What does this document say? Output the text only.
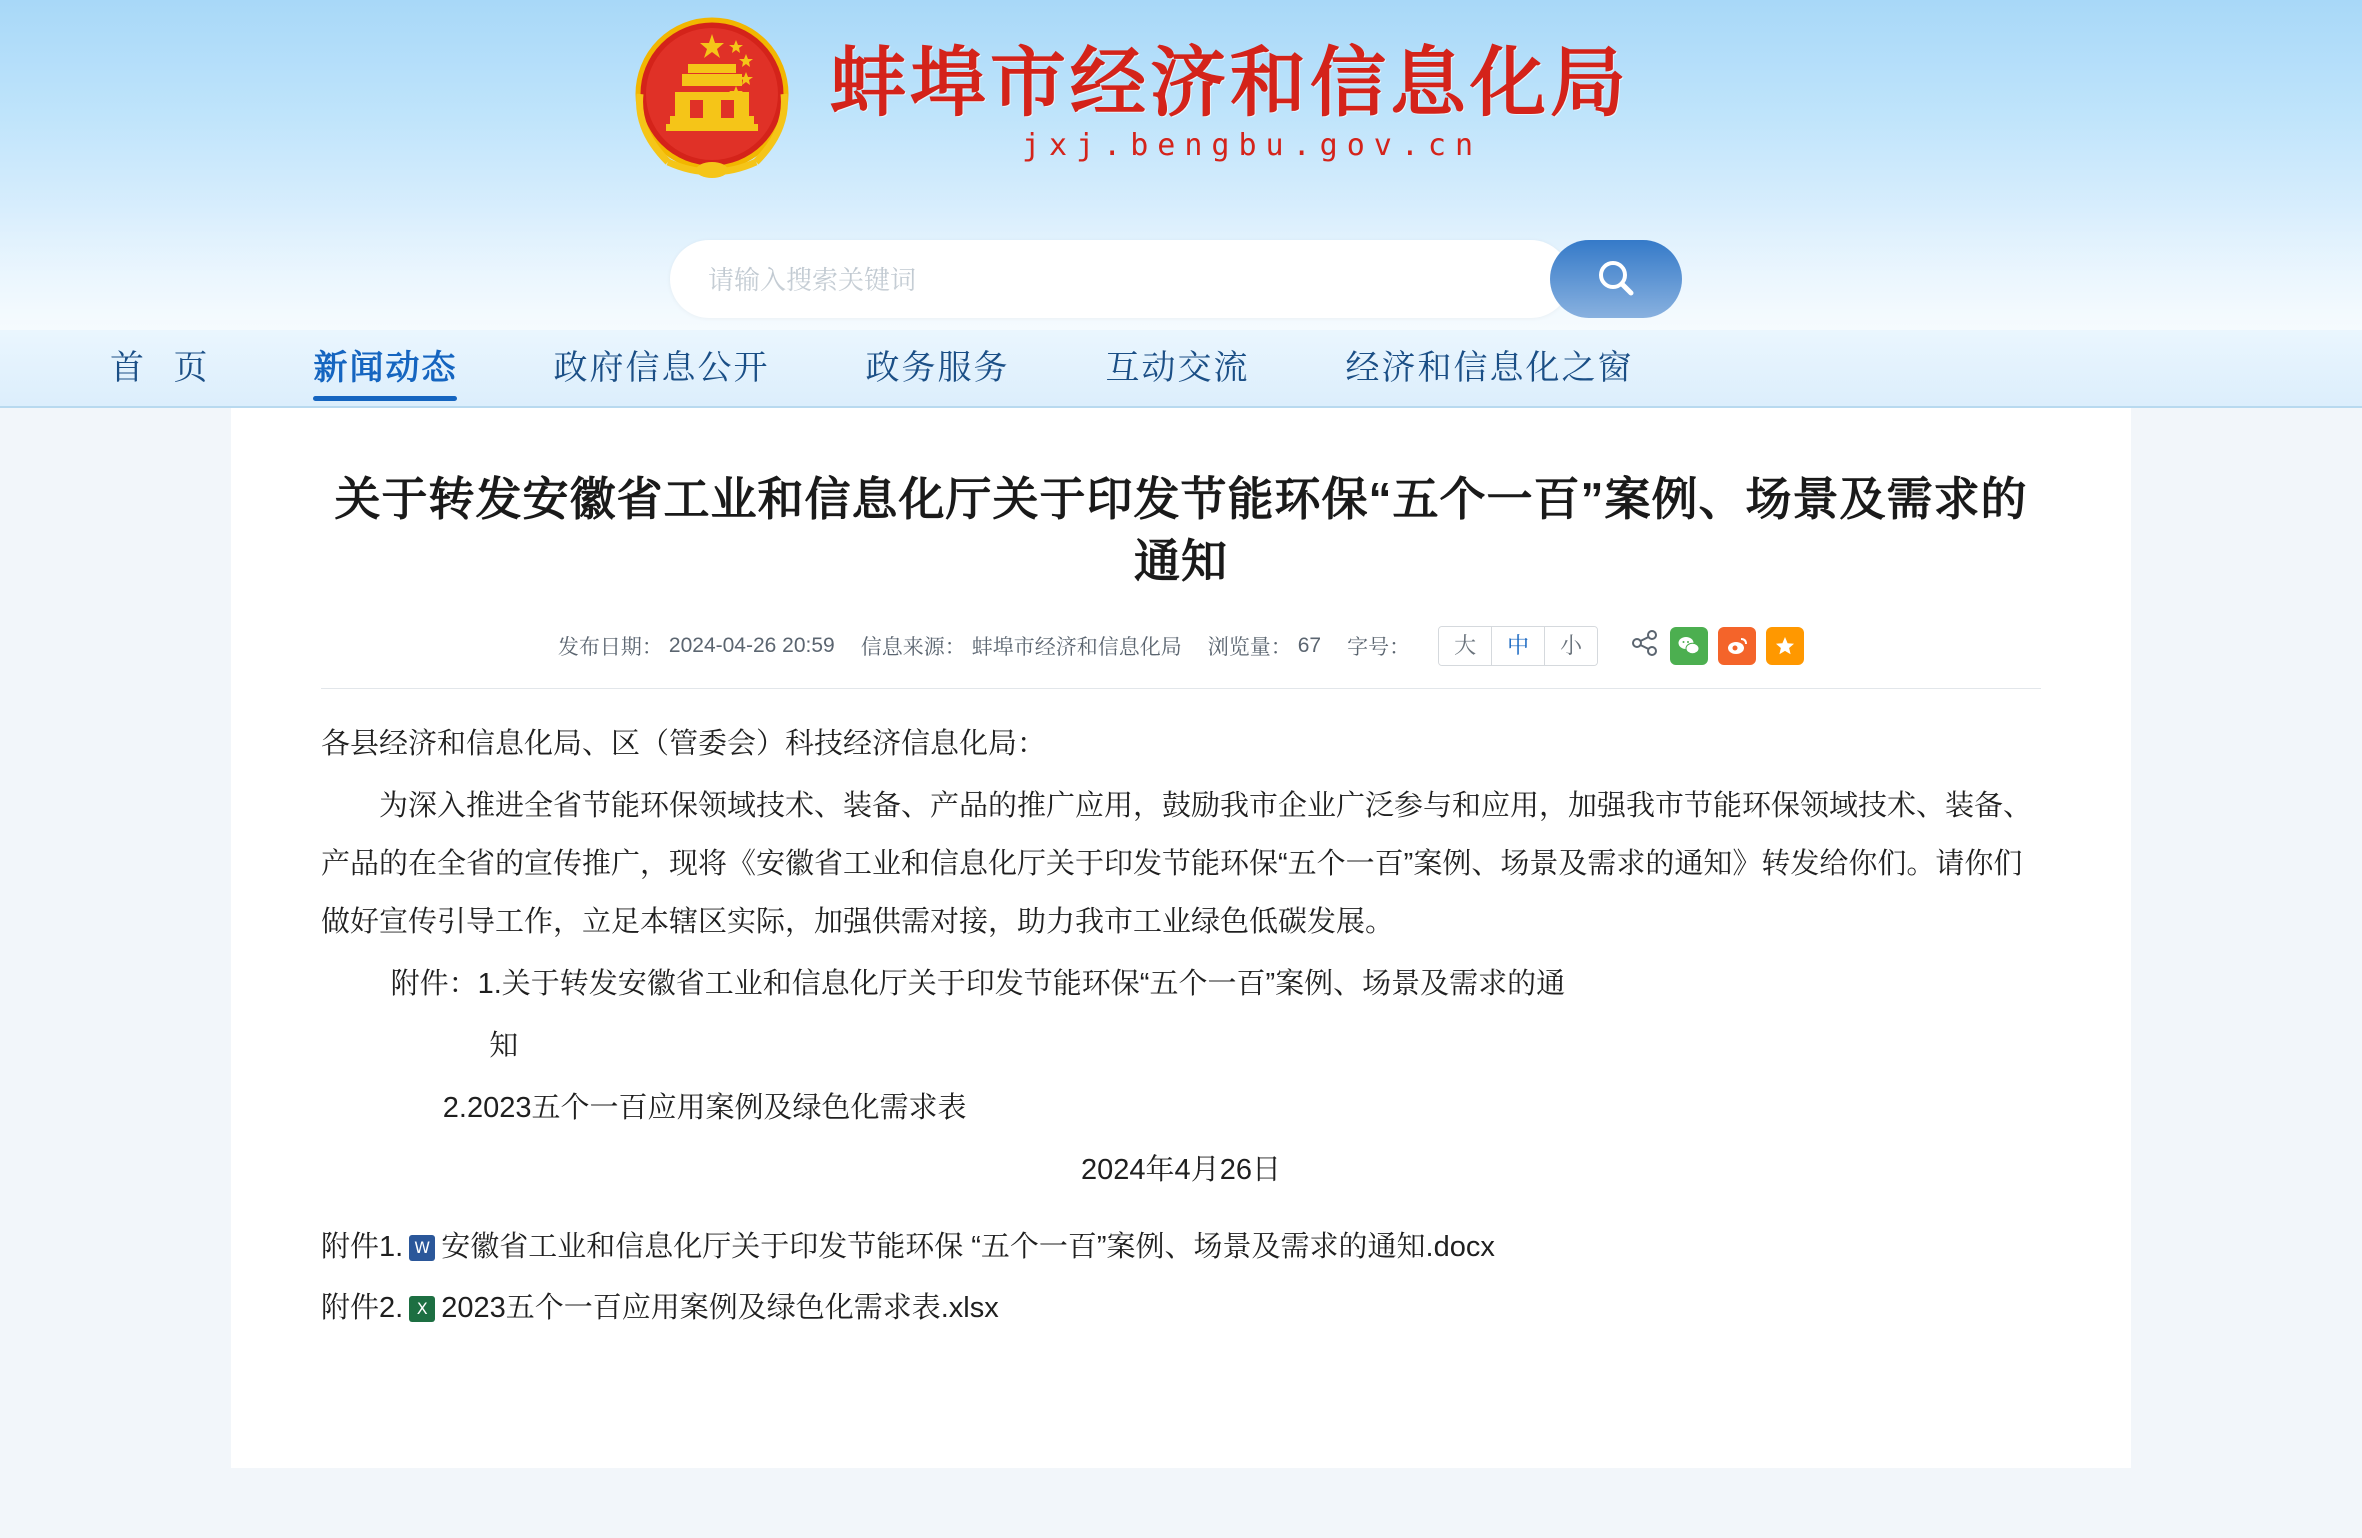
蚌埠市经济和信息化局
jxj.bengbu.gov.cn
请输入搜索关键词
首 页	新闻动态	政府信息公开	政务服务	互动交流	经济和信息化之窗
关于转发安徽省工业和信息化厅关于印发节能环保“五个一百”案例、场景及需求的通知
发布日期： 2024-04-26 20:59 信息来源： 蚌埠市经济和信息化局 浏览量： 67 字号：	大	中	小

各县经济和信息化局、区（管委会）科技经济信息化局：

为深入推进全省节能环保领域技术、装备、产品的推广应用，鼓励我市企业广泛参与和应用，加强我市节能环保领域技术、装备、产品的在全省的宣传推广，现将《安徽省工业和信息化厅关于印发节能环保“五个一百”案例、场景及需求的通知》转发给你们。请你们做好宣传引导工作，立足本辖区实际，加强供需对接，助力我市工业绿色低碳发展。

附件：1.关于转发安徽省工业和信息化厅关于印发节能环保“五个一百”案例、场景及需求的通

知

2.2023五个一百应用案例及绿色化需求表

2024年4月26日

附件1. W 安徽省工业和信息化厅关于印发节能环保 “五个一百”案例、场景及需求的通知.docx
附件2. X 2023五个一百应用案例及绿色化需求表.xlsx
